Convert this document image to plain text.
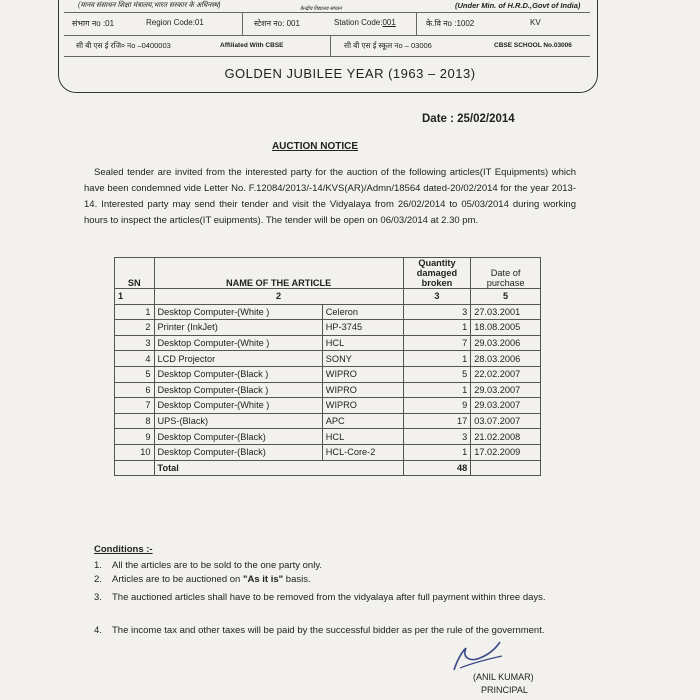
(मानव संसाधन शिक्षा मंत्रालय,भारत सरकार के अधिनस्थ)	केन्द्रीय विद्यालय संगठन	(Under Min. of H.R.D.,Govt of India)
संभाग नo :01	Region Code:01	स्टेशन नo: 001	Station Code:001	के.वि नo :1002	KV
सी बी एस ई रजि० नo –0400003	Affiliated With CBSE	सी बी एस ई स्कूल नo – 03006	CBSE SCHOOL No.03006
GOLDEN JUBILEE YEAR (1963 – 2013)
Date : 25/02/2014
AUCTION NOTICE
Sealed tender are invited from the interested party for the auction of the following articles(IT Equipments) which have been condemned vide Letter No. F.12084/2013/-14/KVS(AR)/Admn/18564 dated-20/02/2014 for the year 2013-14. Interested party may send their tender and visit the Vidyalaya from 26/02/2014 to 05/03/2014 during working hours to inspect the articles(IT euipments). The tender will be open on 06/03/2014 at 2.30 pm.
SN	NAME OF THE ARTICLE		Quantity damaged broken	Date of purchase
1	2		3	5
1	Desktop Computer-(White )	Celeron	3	27.03.2001
2	Printer (InkJet)	HP-3745	1	18.08.2005
3	Desktop Computer-(White )	HCL	7	29.03.2006
4	LCD Projector	SONY	1	28.03.2006
5	Desktop Computer-(Black )	WIPRO	5	22.02.2007
6	Desktop Computer-(Black )	WIPRO	1	29.03.2007
7	Desktop Computer-(White )	WIPRO	9	29.03.2007
8	UPS-(Black)	APC	17	03.07.2007
9	Desktop Computer-(Black)	HCL	3	21.02.2008
10	Desktop Computer-(Black)	HCL-Core-2	1	17.02.2009
	Total		48	
Conditions :-
1. All the articles are to be sold to the one party only.
2. Articles are to be auctioned on "As it is" basis.
3. The auctioned articles shall have to be removed from the vidyalaya after full payment within three days.
4. The income tax and other taxes will be paid by the successful bidder as per the rule of the government.
(ANIL KUMAR)
PRINCIPAL
